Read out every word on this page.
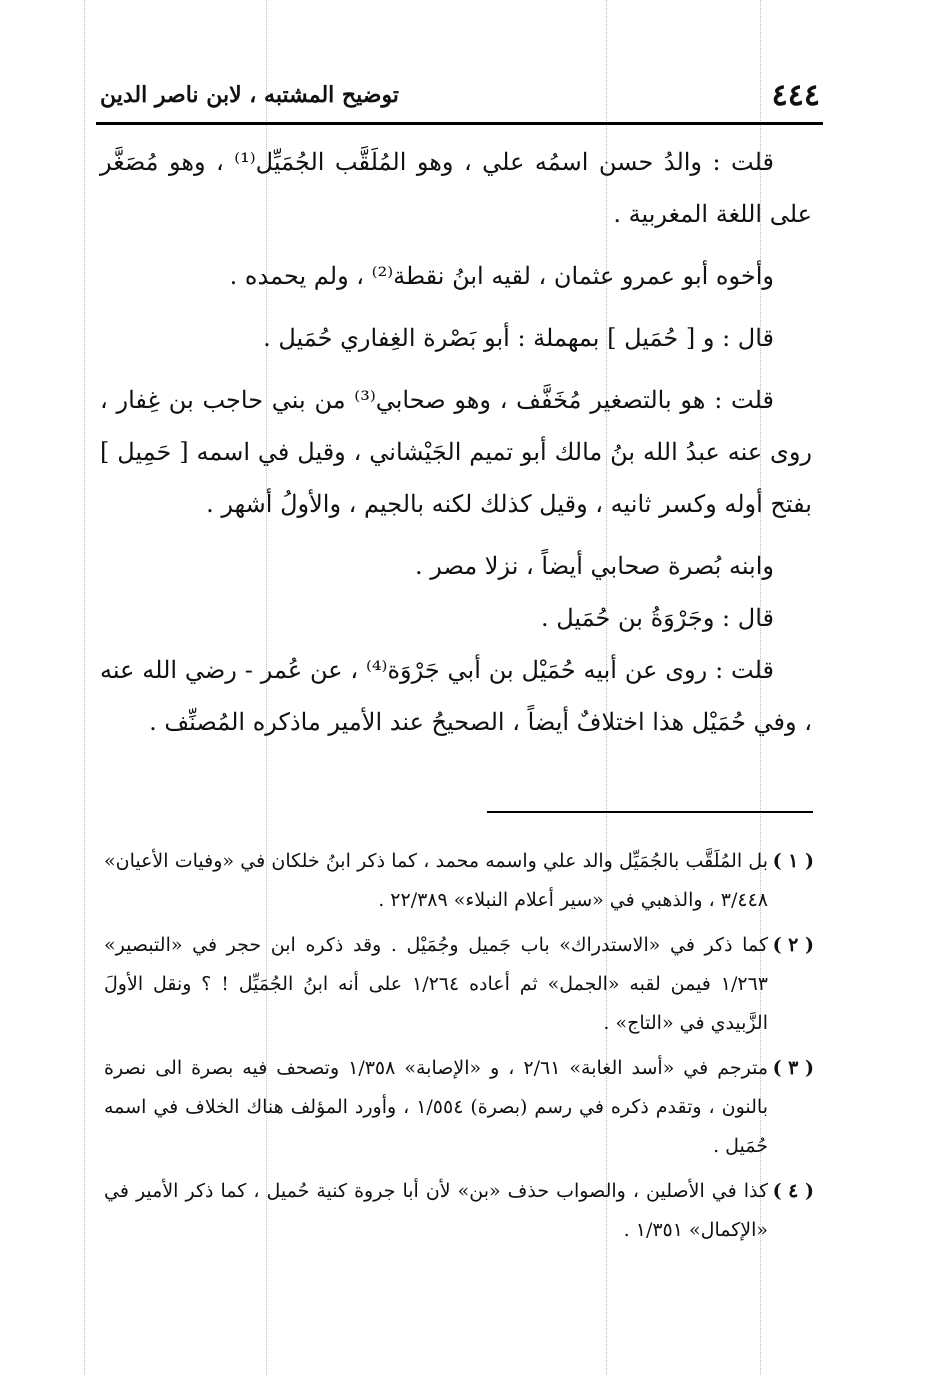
٤٤٤
توضيح المشتبه ، لابن ناصر الدين

قلت : والدُ حسن اسمُه علي ، وهو المُلَقَّب الجُمَيِّل⁽¹⁾ ، وهو مُصَغَّر على اللغة المغربية .

وأخوه أبو عمرو عثمان ، لقيه ابنُ نقطة⁽²⁾ ، ولم يحمده .

قال : و [ حُمَيل ] بمهملة : أبو بَصْرة الغِفاري حُمَيل .

قلت : هو بالتصغير مُخَفَّف ، وهو صحابي⁽³⁾ من بني حاجب بن غِفار ، روى عنه عبدُ الله بنُ مالك أبو تميم الجَيْشاني ، وقيل في اسمه [ حَمِيل ] بفتح أوله وكسر ثانيه ، وقيل كذلك لكنه بالجيم ، والأولُ أشهر .

وابنه بُصرة صحابي أيضاً ، نزلا مصر .

قال : وجَرْوَةُ بن حُمَيل .

قلت : روى عن أبيه حُمَيْل بن أبي جَرْوَة⁽⁴⁾ ، عن عُمر - رضي الله عنه ، وفي حُمَيْل هذا اختلافٌ أيضاً ، الصحيحُ عند الأمير ماذكره المُصنِّف .

( ١ )بل المُلَقَّب بالجُمَيِّل والد علي واسمه محمد ، كما ذكر ابنُ خلكان في «وفيات الأعيان» ٣/٤٤٨ ، والذهبي في «سير أعلام النبلاء» ٢٢/٣٨٩ .
( ٢ )كما ذكر في «الاستدراك» باب جَميل وجُمَيْل . وقد ذكره ابن حجر في «التبصير» ١/٢٦٣ فيمن لقبه «الجمل» ثم أعاده ١/٢٦٤ على أنه ابنُ الجُمَيِّل ! ؟ ونقل الأولَ الزَّبيدي في «التاج» .
( ٣ )مترجم في «أسد الغابة» ٢/٦١ ، و «الإصابة» ١/٣٥٨ وتصحف فيه بصرة الى نصرة بالنون ، وتقدم ذكره في رسم (بصرة) ١/٥٥٤ ، وأورد المؤلف هناك الخلاف في اسمه حُمَيل .
( ٤ )كذا في الأصلين ، والصواب حذف «بن» لأن أبا جروة كنية حُميل ، كما ذكر الأمير في «الإكمال» ١/٣٥١ .
